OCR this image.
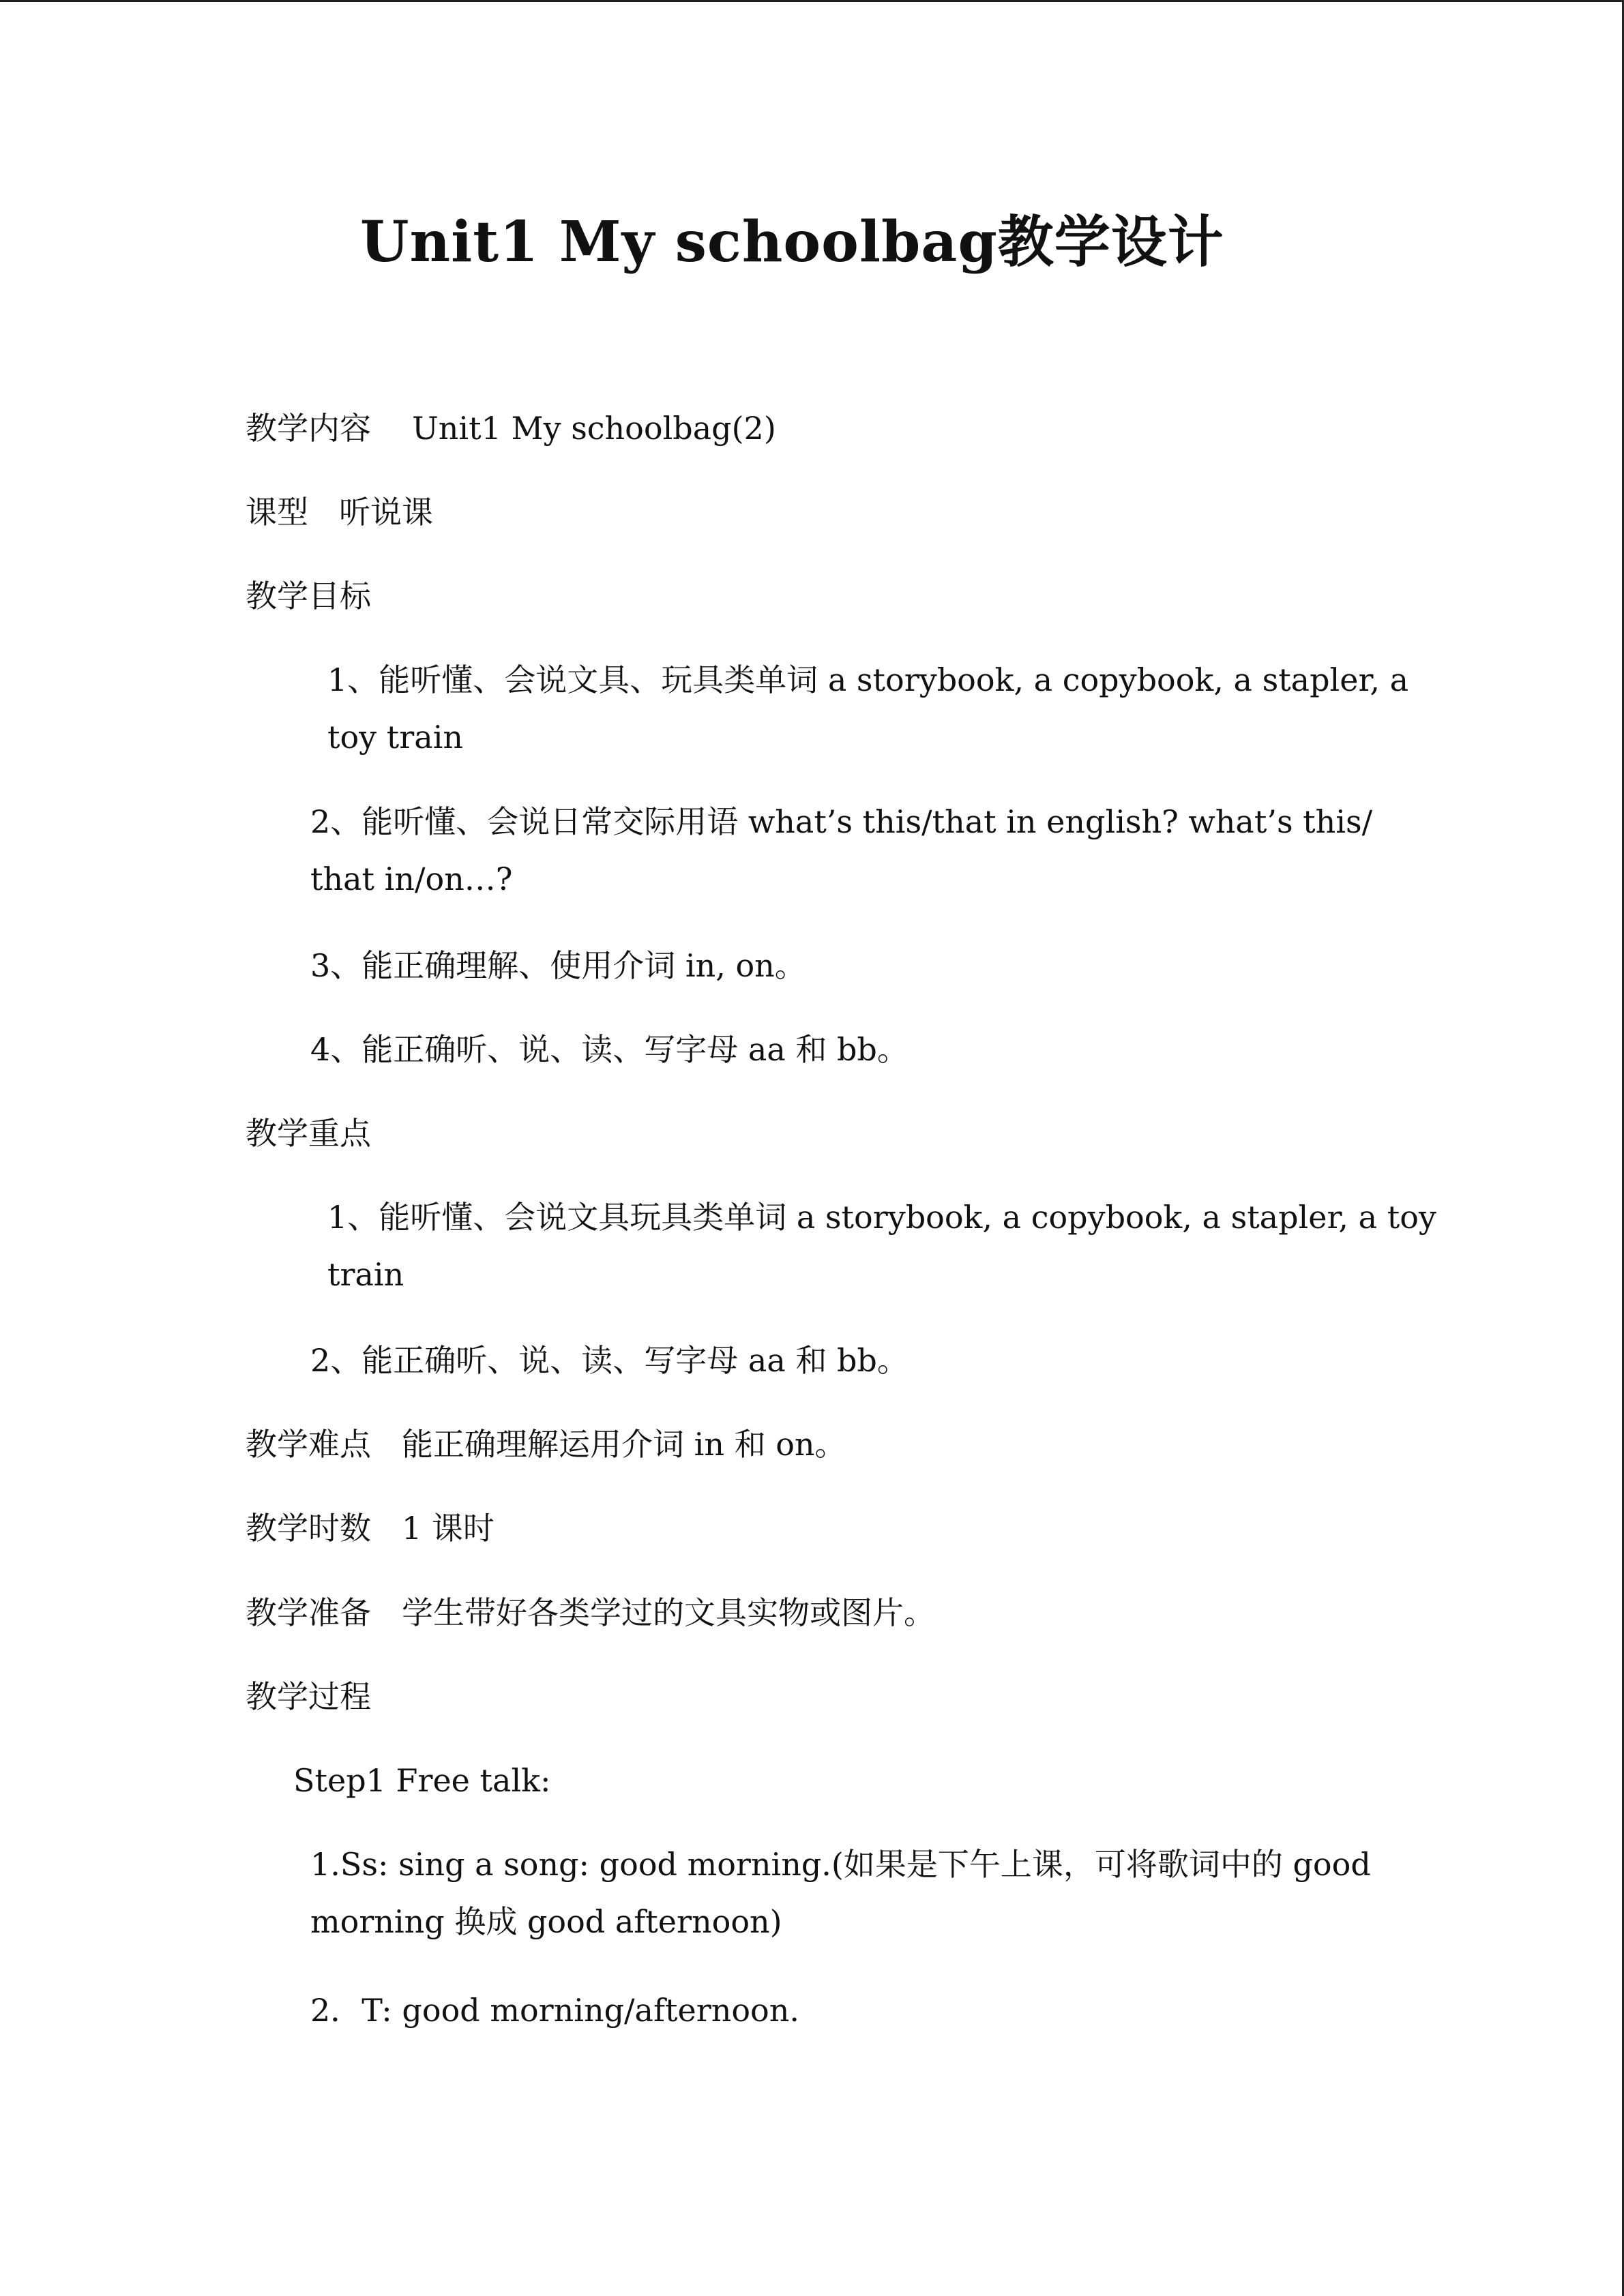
Unit1 My schoolbag教学设计
教学内容 Unit1 My schoolbag(2)
课型 听说课
教学目标
1、能听懂、会说文具、玩具类单词 a storybook, a copybook, a stapler, a toy train
2、能听懂、会说日常交际用语 what’s this/that in english? what’s this/ that in/on…?
3、能正确理解、使用介词 in, on。
4、能正确听、说、读、写字母 aa 和 bb。
教学重点
1、能听懂、会说文具玩具类单词 a storybook, a copybook, a stapler, a toy train
2、能正确听、说、读、写字母 aa 和 bb。
教学难点 能正确理解运用介词 in 和 on。
教学时数 1 课时
教学准备 学生带好各类学过的文具实物或图片。
教学过程
Step1 Free talk:
1.Ss: sing a song: good morning.(如果是下午上课，可将歌词中的 good morning 换成 good afternoon)
2．T: good morning/afternoon.
